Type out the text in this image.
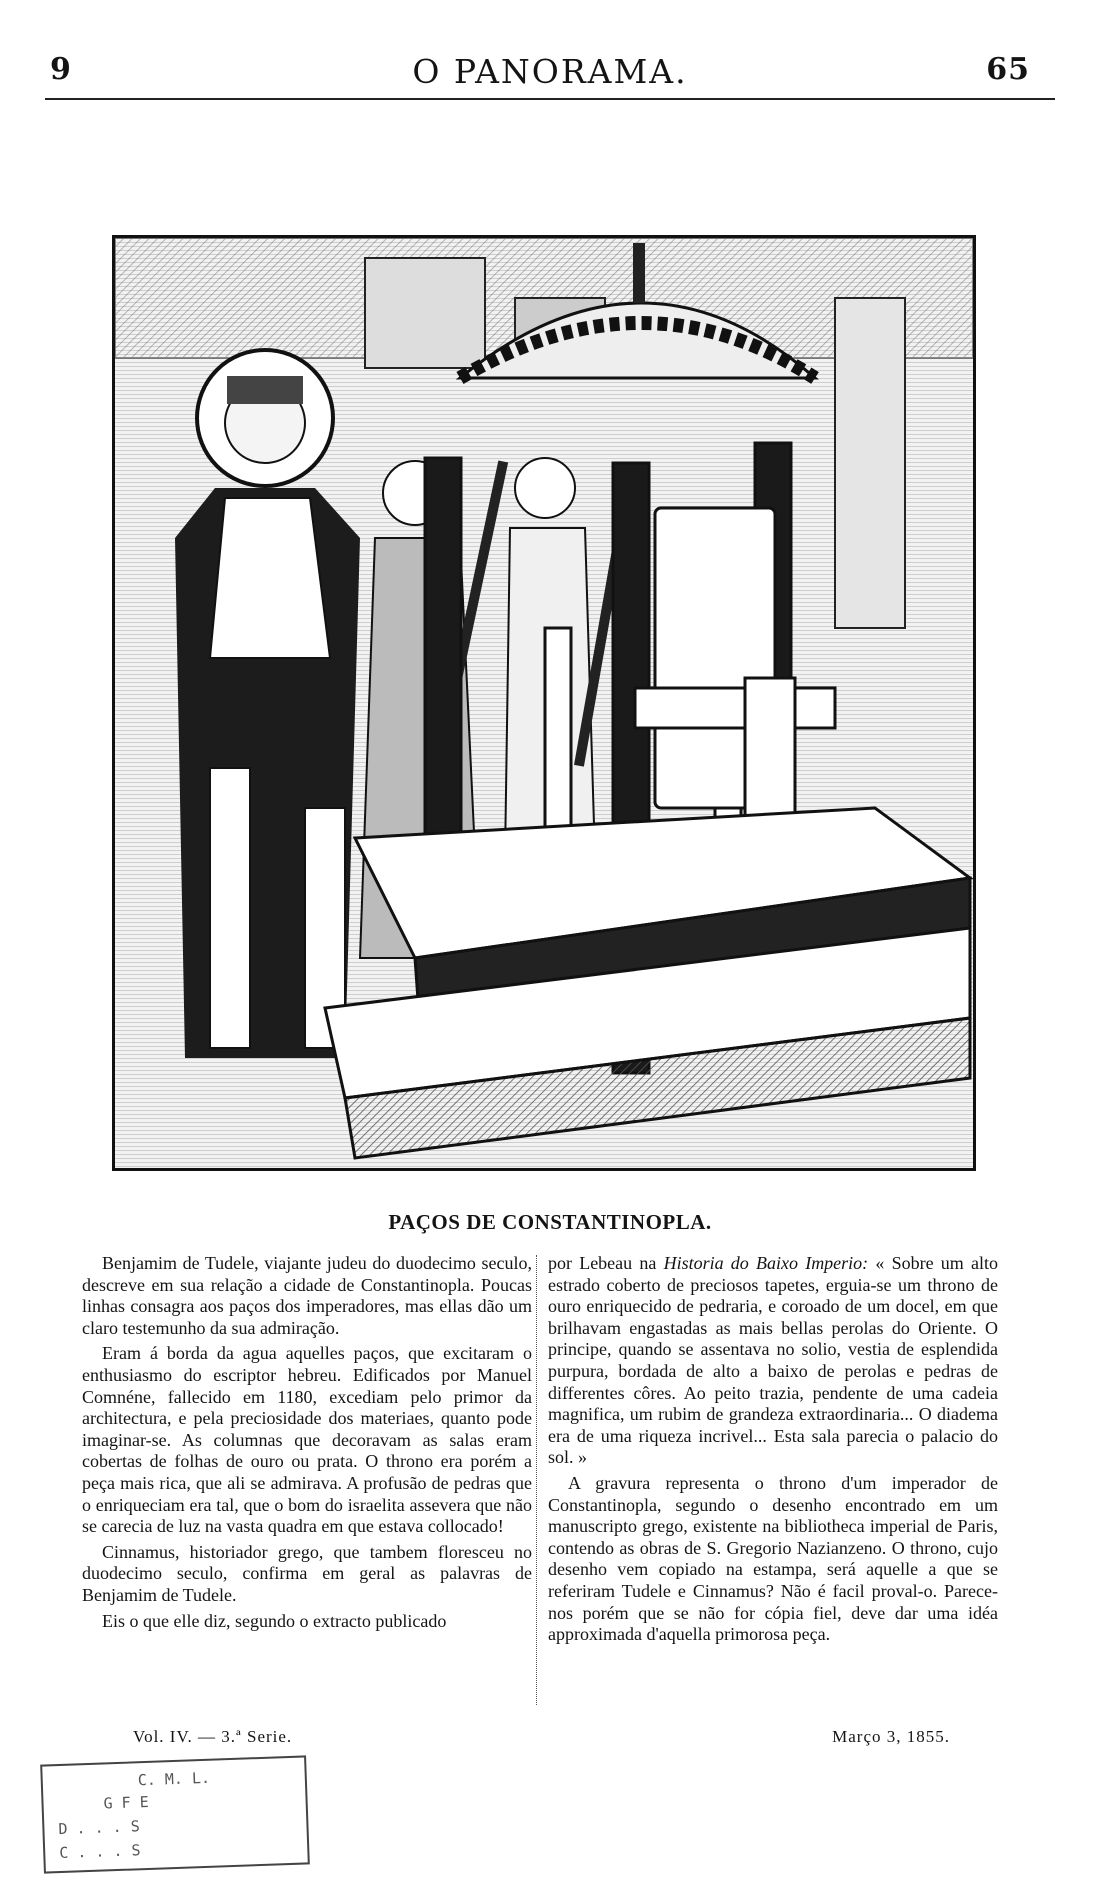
9	O PANORAMA.	65
PAÇOS DE CONSTANTINOPLA.

Benjamim de Tudele, viajante judeu do duodecimo seculo, descreve em sua relação a cidade de Constantinopla. Poucas linhas consagra aos paços dos imperadores, mas ellas dão um claro testemunho da sua admiração.

Eram á borda da agua aquelles paços, que excitaram o enthusiasmo do escriptor hebreu. Edificados por Manuel Comnéne, fallecido em 1180, excediam pelo primor da architectura, e pela preciosidade dos materiaes, quanto pode imaginar-se. As columnas que decoravam as salas eram cobertas de folhas de ouro ou prata. O throno era porém a peça mais rica, que ali se admirava. A profusão de pedras que o enriqueciam era tal, que o bom do israelita assevera que não se carecia de luz na vasta quadra em que estava collocado!

Cinnamus, historiador grego, que tambem floresceu no duodecimo seculo, confirma em geral as palavras de Benjamim de Tudele.

Eis o que elle diz, segundo o extracto publicado

por Lebeau na Historia do Baixo Imperio: « Sobre um alto estrado coberto de preciosos tapetes, erguia-se um throno de ouro enriquecido de pedraria, e coroado de um docel, em que brilhavam engastadas as mais bellas perolas do Oriente. O principe, quando se assentava no solio, vestia de esplendida purpura, bordada de alto a baixo de perolas e pedras de differentes côres. Ao peito trazia, pendente de uma cadeia magnifica, um rubim de grandeza extraordinaria... O diadema era de uma riqueza incrivel... Esta sala parecia o palacio do sol. »

A gravura representa o throno d'um imperador de Constantinopla, segundo o desenho encontrado em um manuscripto grego, existente na bibliotheca imperial de Paris, contendo as obras de S. Gregorio Nazianzeno. O throno, cujo desenho vem copiado na estampa, será aquelle a que se referiram Tudele e Cinnamus? Não é facil proval-o. Parece-nos porém que se não for cópia fiel, deve dar uma idéa approximada d'aquella primorosa peça.

Vol. IV. — 3.ª Serie.	Março 3, 1855.
C. M. L.
G F E
D . . . S
C . . . S
